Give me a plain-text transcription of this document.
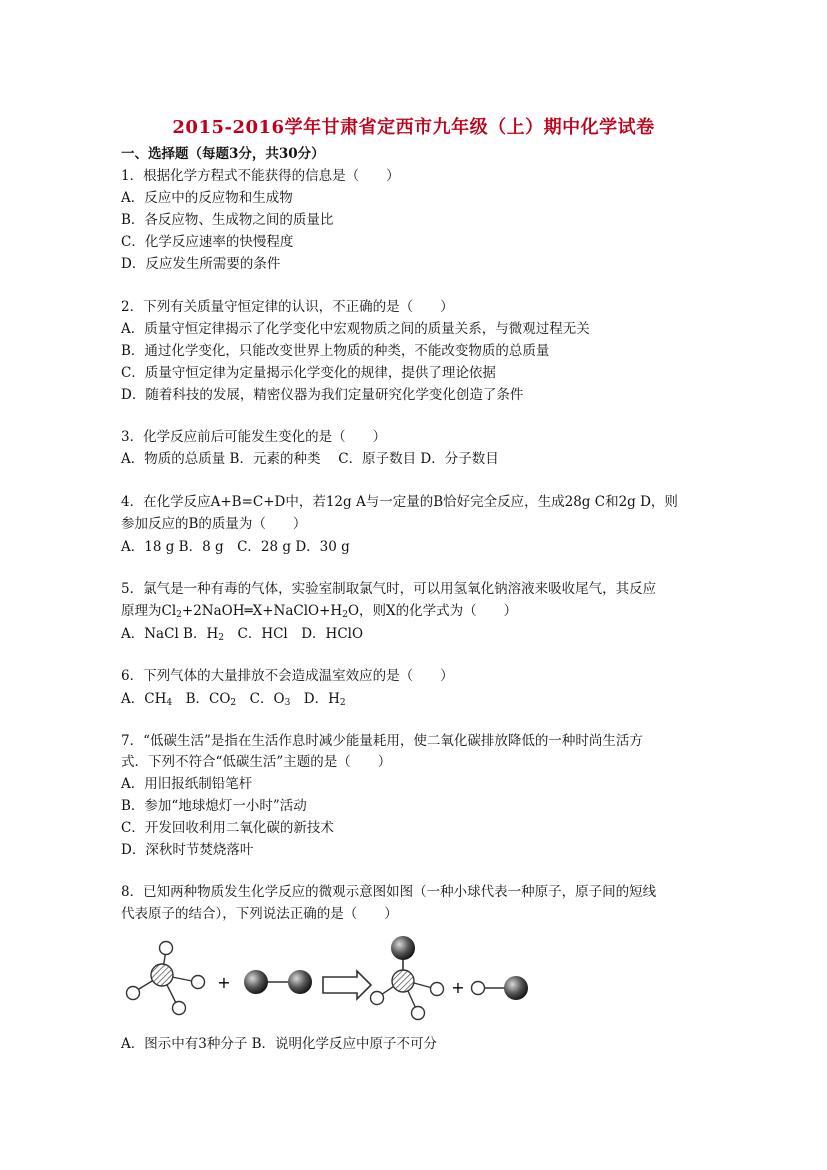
2015-2016学年甘肃省定西市九年级（上）期中化学试卷
一、选择题（每题3分，共30分）
1．根据化学方程式不能获得的信息是（　　）
A．反应中的反应物和生成物
B．各反应物、生成物之间的质量比
C．化学反应速率的快慢程度
D．反应发生所需要的条件
2．下列有关质量守恒定律的认识，不正确的是（　　）
A．质量守恒定律揭示了化学变化中宏观物质之间的质量关系，与微观过程无关
B．通过化学变化，只能改变世界上物质的种类，不能改变物质的总质量
C．质量守恒定律为定量揭示化学变化的规律，提供了理论依据
D．随着科技的发展，精密仪器为我们定量研究化学变化创造了条件
3．化学反应前后可能发生变化的是（　　）
A．物质的总质量 B．元素的种类　 C．原子数目 D．分子数目
4．在化学反应A+B=C+D中，若12g A与一定量的B恰好完全反应，生成28g C和2g D，则
参加反应的B的质量为（　　）
A．18 g B．8 g　C．28 g D．30 g
5．氯气是一种有毒的气体，实验室制取氯气时，可以用氢氧化钠溶液来吸收尾气，其反应
原理为$Cl_2+2NaOH═X+NaClO+H_2O$，则X的化学式为（　　）
A．NaCl B．$H_2$　C．HCl　D．HClO
6．下列气体的大量排放不会造成温室效应的是（　　）
A．$CH_4$　B．$CO_2$　C．$O_3$　D．$H_2$
7．“低碳生活”是指在生活作息时减少能量耗用，使二氧化碳排放降低的一种时尚生活方
式．下列不符合“低碳生活”主题的是（　　）
A．用旧报纸制铅笔杆
B．参加“地球熄灯一小时”活动
C．开发回收利用二氧化碳的新技术
D．深秋时节焚烧落叶
8．已知两种物质发生化学反应的微观示意图如图（一种小球代表一种原子，原子间的短线
代表原子的结合），下列说法正确的是（　　）
+	+
A．图示中有3种分子 B．说明化学反应中原子不可分
